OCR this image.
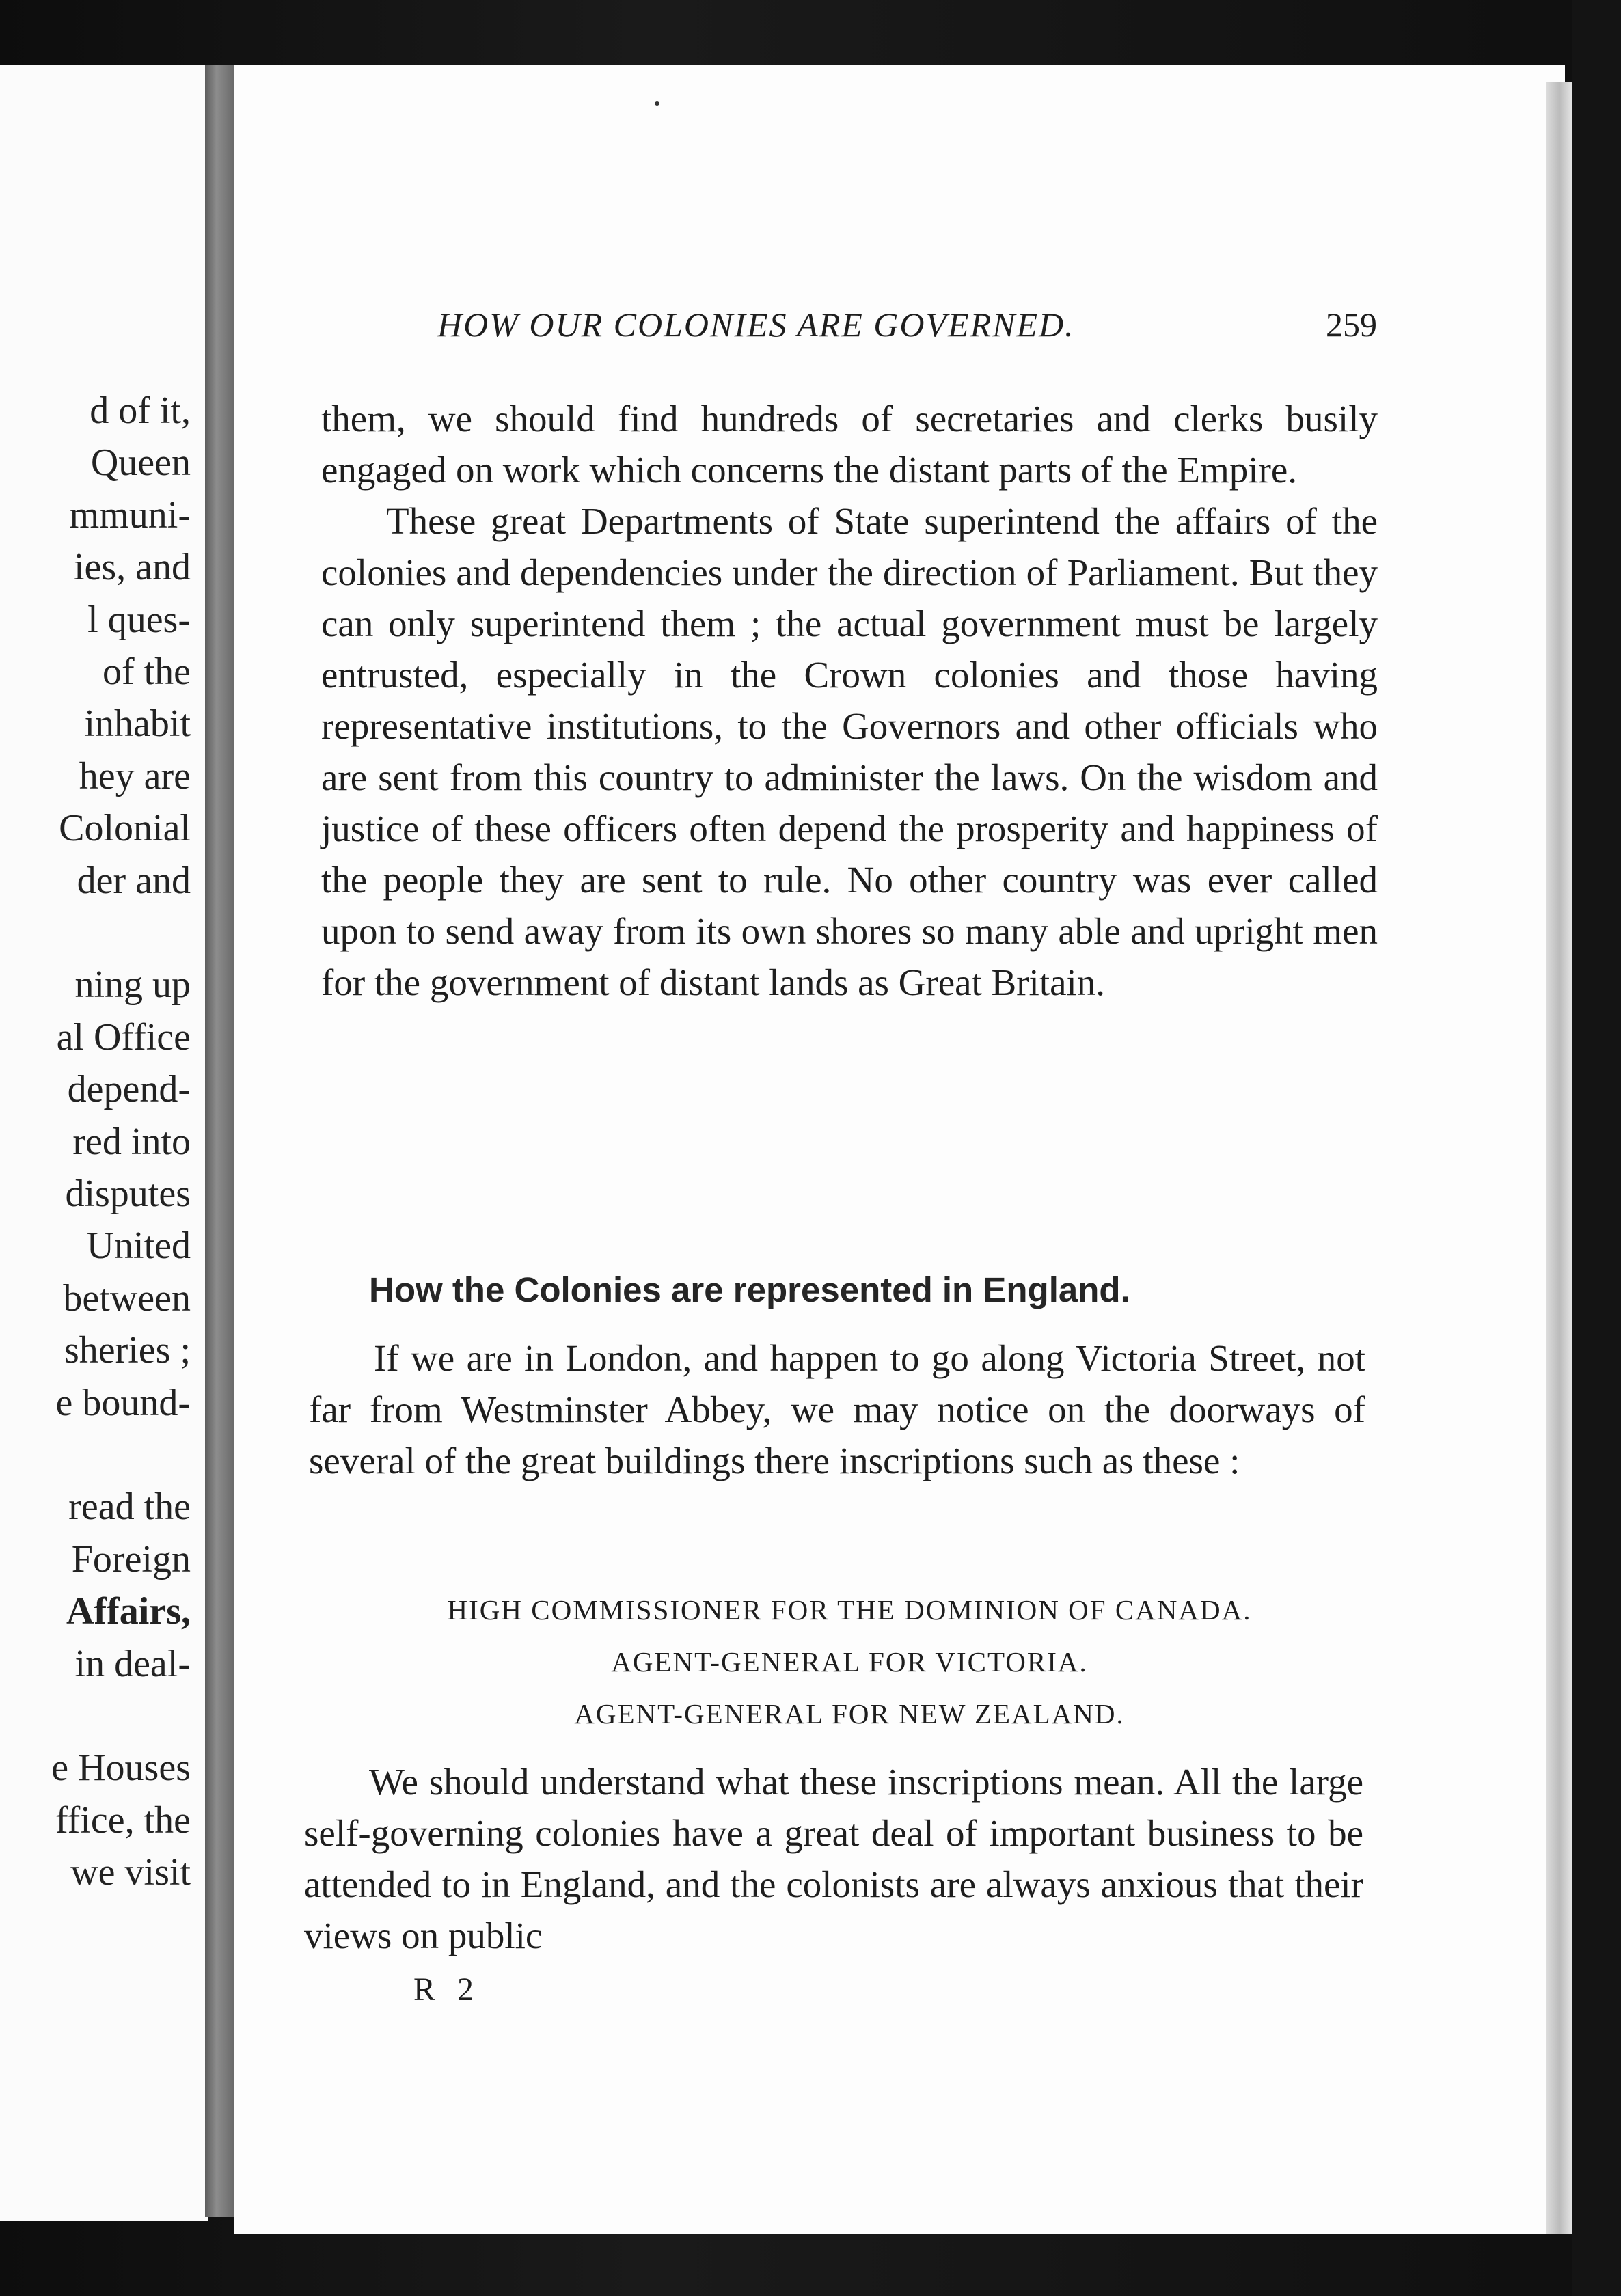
d of it,
Queen
mmuni-
ies, and
l ques-
of the
inhabit
hey are
Colonial
der and
ning up
al Office
depend-
red into
disputes
United
between
sheries ;
e bound-
read the
Foreign
Affairs,
in deal-
e Houses
ffice, the
we visit
HOW OUR COLONIES ARE GOVERNED.	259

them, we should find hundreds of secretaries and clerks busily engaged on work which concerns the distant parts of the Empire.

These great Departments of State superintend the affairs of the colonies and dependencies under the direction of Parliament. But they can only superintend them ; the actual government must be largely entrusted, especially in the Crown colonies and those having representative institutions, to the Governors and other officials who are sent from this country to administer the laws. On the wisdom and justice of these officers often depend the prosperity and happiness of the people they are sent to rule. No other country was ever called upon to send away from its own shores so many able and upright men for the government of distant lands as Great Britain.

How the Colonies are represented in England.

If we are in London, and happen to go along Victoria Street, not far from Westminster Abbey, we may notice on the doorways of several of the great buildings there inscriptions such as these :

HIGH COMMISSIONER FOR THE DOMINION OF CANADA.
AGENT-GENERAL FOR VICTORIA.
AGENT-GENERAL FOR NEW ZEALAND.

We should understand what these inscriptions mean. All the large self-governing colonies have a great deal of important business to be attended to in England, and the colonists are always anxious that their views on public

R 2
